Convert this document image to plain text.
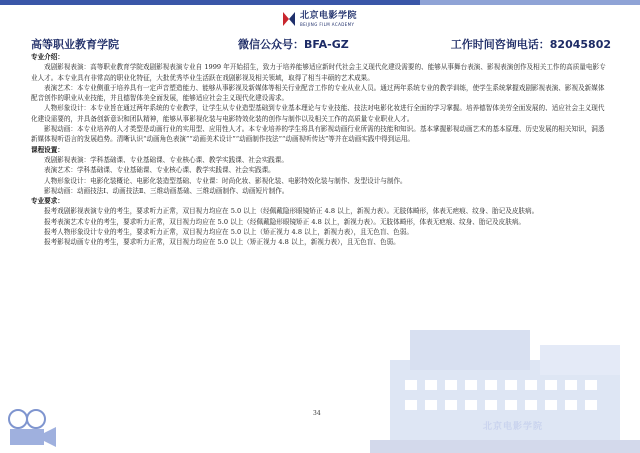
北京电影学院
BEIJING FILM ACADEMY
高等职业教育学院	微信公众号：BFA-GZ	工作时间咨询电话：82045802

专业介绍：

戏剧影视表演：高等职业教育学院戏剧影视表演专业自 1999 年开始招生，致力于培养能够适应新时代社会主义现代化建设需要的、能够从事舞台表演、影视表演创作及相关工作的高质量电影专业人才。本专业具有非常高的职业化特征，大批优秀毕业生活跃在戏剧影视及相关领域，取得了相当丰硕的艺术成果。

表演艺术：本专业侧重于培养具有一定声音塑造能力、能够从事影视及新媒体等相关行业配音工作的专业从业人员。通过两年系统专业的教学训练，使学生系统掌握戏剧影视表演、影视及新媒体配音创作的职业从业技能，并且德智体美全面发展，能够适应社会主义现代化建设需求。

人物形象设计：本专业旨在通过两年系统的专业教学，让学生从专业造型基础到专业基本理论与专业技能、技法对电影化妆进行全面的学习掌握。培养德智体美劳全面发展的、适应社会主义现代化建设需要的，并具备创新意识和团队精神，能够从事影视化装与电影特效化装的创作与制作以及相关工作的高质量专业职业人才。

影视动画：本专业培养的人才类型是动画行业的实用型、应用性人才。本专业培养的学生将具有影视动画行业所需的技能和知识。基本掌握影视动画艺术的基本原理、历史发展的相关知识，洞悉新媒体视听语言的发展趋势。清晰认识“动画角色表演”“动画美术设计”“动画制作技法”“动画视听传达”等并在动画实践中得到运用。

课程设置：

戏剧影视表演：学科基础课、专业基础课、专业核心课、教学实践课、社会实践课。

表演艺术：学科基础课、专业基础课、专业核心课、教学实践课、社会实践课。

人物形象设计：电影化装概论、电影化装造型基础、专业课：时尚化妆、影视化装、电影特效化装与制作、发型设计与制作。

影视动画：动画技法Ⅰ、动画技法Ⅱ、三维动画基础、三维动画制作、动画短片制作。

专业要求：

报考戏剧影视表演专业的考生，要求听力正常，双目视力均应在 5.0 以上（经佩戴隐形眼镜矫正 4.8 以上，新视力表）。无肢体畸形，体表无疤痕、纹身、胎记及皮肤病。

报考表演艺术专业的考生，要求听力正常，双目视力均应在 5.0 以上（经佩戴隐形眼镜矫正 4.8 以上，新视力表）。无肢体畸形，体表无疤痕、纹身、胎记及皮肤病。

报考人物形象设计专业的考生，要求听力正常，双目视力均应在 5.0 以上（矫正视力 4.8 以上，新视力表），且无色盲、色弱。

报考影视动画专业的考生，要求听力正常，双目视力均应在 5.0 以上（矫正视力 4.8 以上，新视力表），且无色盲、色弱。

34
北京电影学院
